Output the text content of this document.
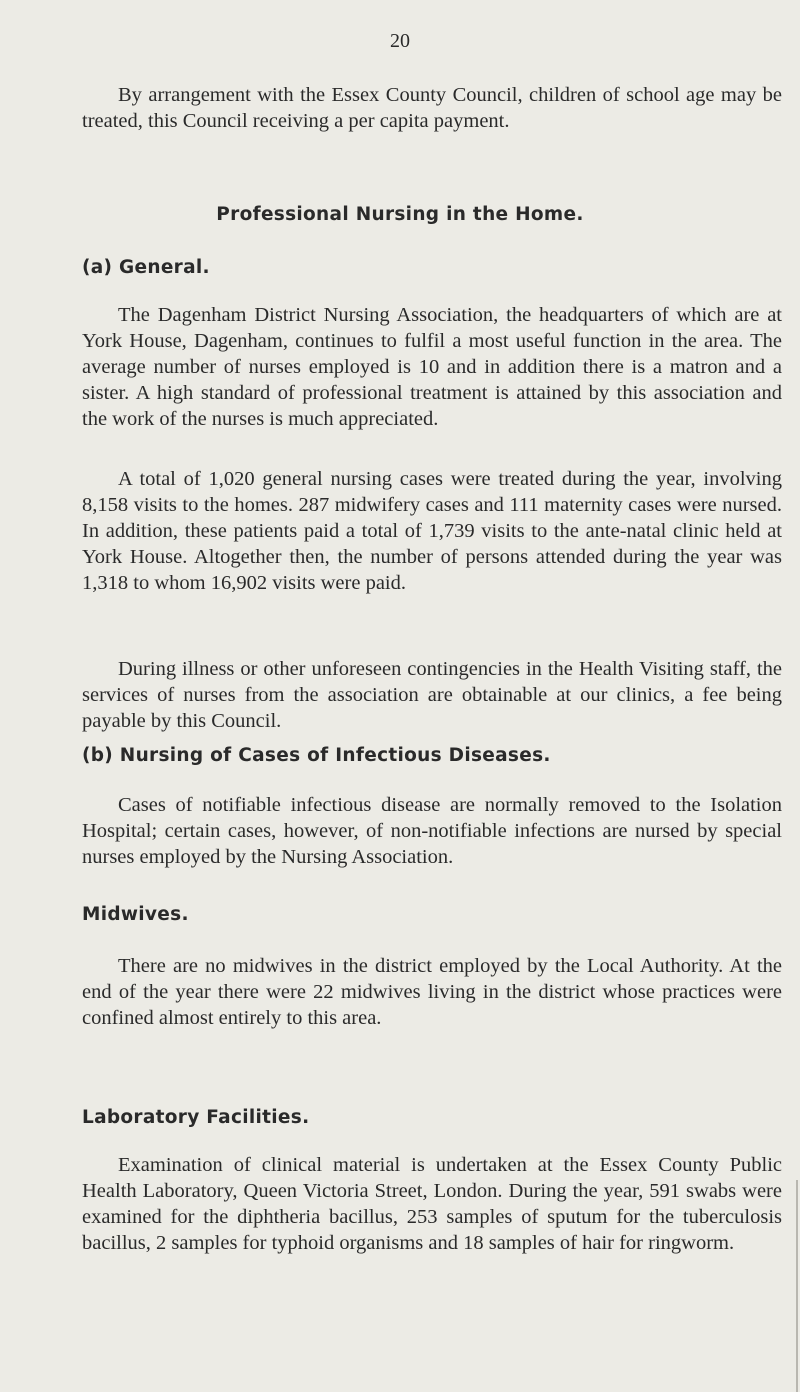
20

By arrangement with the Essex County Council, children of school age may be treated, this Council receiving a per capita payment.

Professional Nursing in the Home.
(a) General.

The Dagenham District Nursing Association, the headquarters of which are at York House, Dagenham, continues to fulfil a most useful function in the area. The average number of nurses employed is 10 and in addition there is a matron and a sister. A high standard of professional treatment is attained by this association and the work of the nurses is much appreciated.

A total of 1,020 general nursing cases were treated during the year, involving 8,158 visits to the homes. 287 midwifery cases and 111 maternity cases were nursed. In addition, these patients paid a total of 1,739 visits to the ante-natal clinic held at York House. Altogether then, the number of persons attended during the year was 1,318 to whom 16,902 visits were paid.

During illness or other unforeseen contingencies in the Health Visiting staff, the services of nurses from the association are obtainable at our clinics, a fee being payable by this Council.

(b) Nursing of Cases of Infectious Diseases.

Cases of notifiable infectious disease are normally removed to the Isolation Hospital; certain cases, however, of non-notifiable infections are nursed by special nurses employed by the Nursing Association.

Midwives.

There are no midwives in the district employed by the Local Authority. At the end of the year there were 22 midwives living in the district whose practices were confined almost entirely to this area.

Laboratory Facilities.

Examination of clinical material is undertaken at the Essex County Public Health Laboratory, Queen Victoria Street, London. During the year, 591 swabs were examined for the diphtheria bacillus, 253 samples of sputum for the tuberculosis bacillus, 2 samples for typhoid organisms and 18 samples of hair for ringworm.
